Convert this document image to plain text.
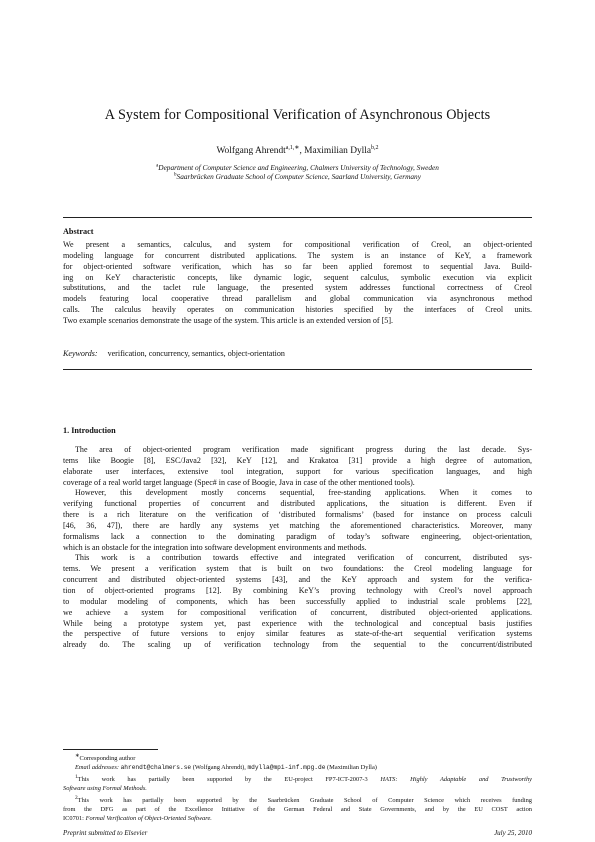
A System for Compositional Verification of Asynchronous Objects
Wolfgang Ahrendt$^{a,1,∗}$, Maximilian Dylla$^{b,2}$
$^a$Department of Computer Science and Engineering, Chalmers University of Technology, Sweden
$^b$Saarbrücken Graduate School of Computer Science, Saarland University, Germany
Abstract
We present a semantics, calculus, and system for compositional verification of Creol, an object-oriented
modeling language for concurrent distributed applications. The system is an instance of KeY, a framework
for object-oriented software verification, which has so far been applied foremost to sequential Java. Build-
ing on KeY characteristic concepts, like dynamic logic, sequent calculus, symbolic execution via explicit
substitutions, and the taclet rule language, the presented system addresses functional correctness of Creol
models featuring local cooperative thread parallelism and global communication via asynchronous method
calls. The calculus heavily operates on communication histories specified by the interfaces of Creol units.
Two example scenarios demonstrate the usage of the system. This article is an extended version of [5].
Keywords: verification, concurrency, semantics, object-orientation
1. Introduction
The area of object-oriented program verification made significant progress during the last decade. Sys-
tems like Boogie [8], ESC/Java2 [32], KeY [12], and Krakatoa [31] provide a high degree of automation,
elaborate user interfaces, extensive tool integration, support for various specification languages, and high
coverage of a real world target language (Spec# in case of Boogie, Java in case of the other mentioned tools).
However, this development mostly concerns sequential, free-standing applications. When it comes to
verifying functional properties of concurrent and distributed applications, the situation is different. Even if
there is a rich literature on the verification of ‘distributed formalisms’ (based for instance on process calculi
[46, 36, 47]), there are hardly any systems yet matching the aforementioned characteristics. Moreover, many
formalisms lack a connection to the dominating paradigm of today’s software engineering, object-orientation,
which is an obstacle for the integration into software development environments and methods.
This work is a contribution towards effective and integrated verification of concurrent, distributed sys-
tems. We present a verification system that is built on two foundations: the Creol modeling language for
concurrent and distributed object-oriented systems [43], and the KeY approach and system for the verifica-
tion of object-oriented programs [12]. By combining KeY’s proving technology with Creol’s novel approach
to modular modeling of components, which has been successfully applied to industrial scale problems [22],
we achieve a system for compositional verification of concurrent, distributed object-oriented applications.
While being a prototype system yet, past experience with the technological and conceptual basis justifies
the perspective of future versions to enjoy similar features as state-of-the-art sequential verification systems
already do. The scaling up of verification technology from the sequential to the concurrent/distributed
∗Corresponding author
Email addresses: ahrendt@chalmers.se (Wolfgang Ahrendt), mdylla@mpi-inf.mpg.de (Maximilian Dylla)
$^1$This work has partially been supported by the EU-project FP7-ICT-2007-3 HATS: Highly Adaptable and Trustworthy
Software using Formal Methods.
$^2$This work has partially been supported by the Saarbrücken Graduate School of Computer Science which receives funding
from the DFG as part of the Excellence Initiative of the German Federal and State Governments, and by the EU COST action
IC0701: Formal Verification of Object-Oriented Software.
Preprint submitted to Elsevier	July 25, 2010
